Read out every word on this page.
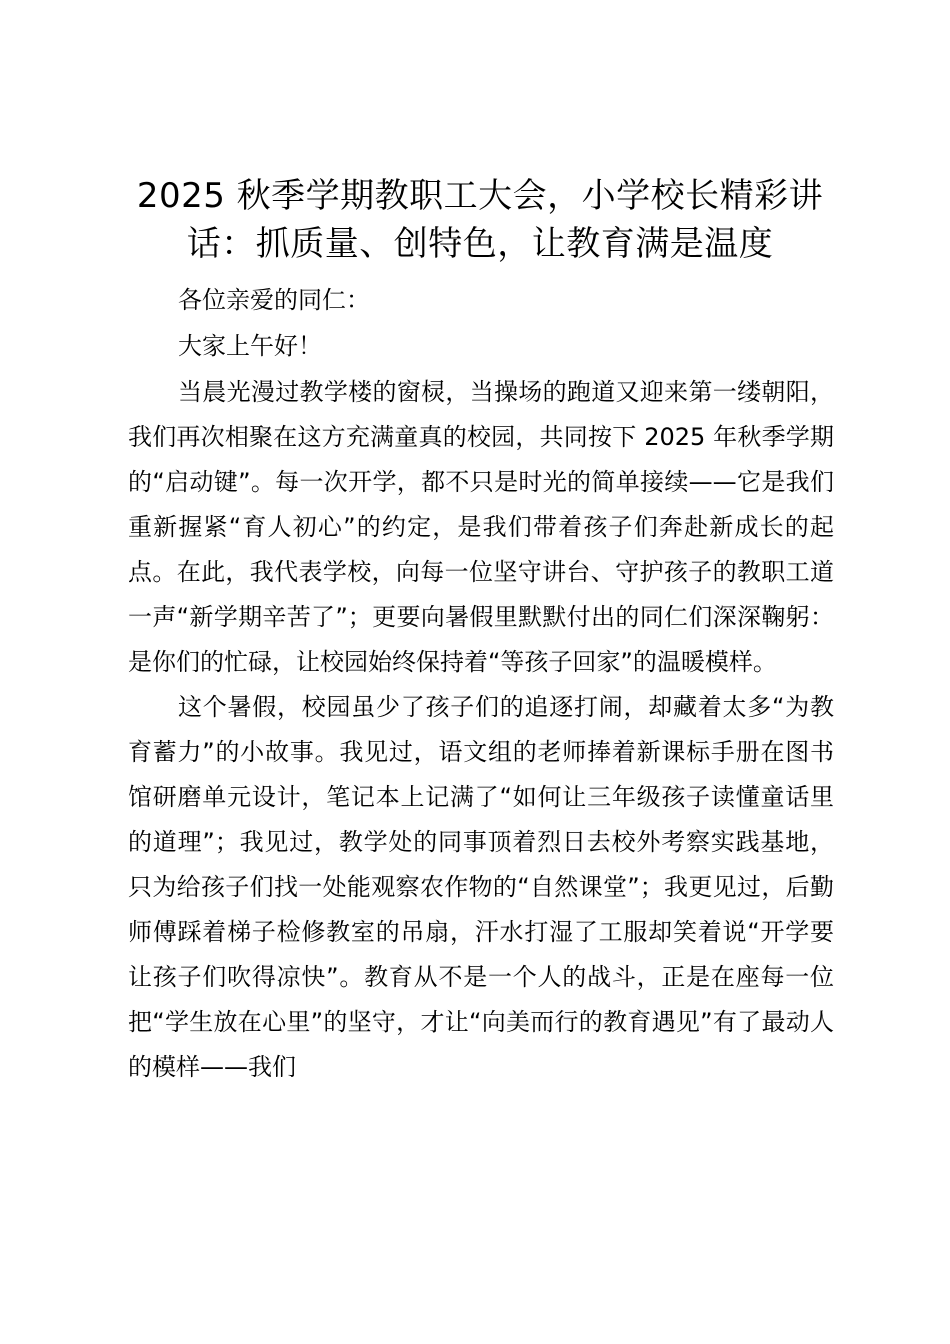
2025 秋季学期教职工大会，小学校长精彩讲话：抓质量、创特色，让教育满是温度

各位亲爱的同仁：

大家上午好！

当晨光漫过教学楼的窗棂，当操场的跑道又迎来第一缕朝阳，我们再次相聚在这方充满童真的校园，共同按下 2025 年秋季学期的“启动键”。每一次开学，都不只是时光的简单接续——它是我们重新握紧“育人初心”的约定，是我们带着孩子们奔赴新成长的起点。在此，我代表学校，向每一位坚守讲台、守护孩子的教职工道一声“新学期辛苦了”；更要向暑假里默默付出的同仁们深深鞠躬：是你们的忙碌，让校园始终保持着“等孩子回家”的温暖模样。

这个暑假，校园虽少了孩子们的追逐打闹，却藏着太多“为教育蓄力”的小故事。我见过，语文组的老师捧着新课标手册在图书馆研磨单元设计，笔记本上记满了“如何让三年级孩子读懂童话里的道理”；我见过，教学处的同事顶着烈日去校外考察实践基地，只为给孩子们找一处能观察农作物的“自然课堂”；我更见过，后勤师傅踩着梯子检修教室的吊扇，汗水打湿了工服却笑着说“开学要让孩子们吹得凉快”。教育从不是一个人的战斗，正是在座每一位把“学生放在心里”的坚守，才让“向美而行的教育遇见”有了最动人的模样——我们
